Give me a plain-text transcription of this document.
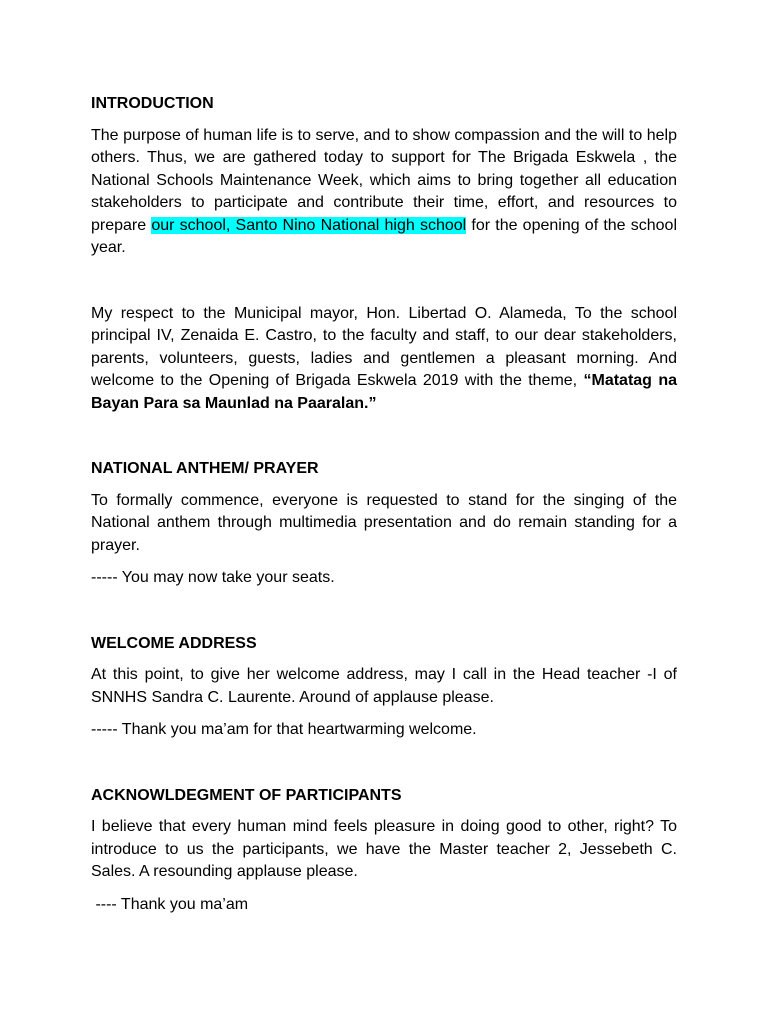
INTRODUCTION
The purpose of human life is to serve, and to show compassion and the will to help others. Thus, we are gathered today to support for The Brigada Eskwela , the National Schools Maintenance Week, which aims to bring together all education stakeholders to participate and contribute their time, effort, and resources to prepare our school, Santo Nino National high school for the opening of the school year.
My respect to the Municipal mayor, Hon. Libertad O. Alameda, To the school principal IV, Zenaida E. Castro, to the faculty and staff, to our dear stakeholders, parents, volunteers, guests, ladies and gentlemen a pleasant morning. And welcome to the Opening of Brigada Eskwela 2019 with the theme, “Matatag na Bayan Para sa Maunlad na Paaralan.”
NATIONAL ANTHEM/ PRAYER
To formally commence, everyone is requested to stand for the singing of the National anthem through multimedia presentation and do remain standing for a prayer.
----- You may now take your seats.
WELCOME ADDRESS
At this point, to give her welcome address, may I call in the Head teacher -I of SNNHS Sandra C. Laurente. Around of applause please.
----- Thank you ma’am for that heartwarming welcome.
ACKNOWLDEGMENT OF PARTICIPANTS
I believe that every human mind feels pleasure in doing good to other, right? To introduce to us the participants, we have the Master teacher 2, Jessebeth C. Sales. A resounding applause please.
---- Thank you ma’am
